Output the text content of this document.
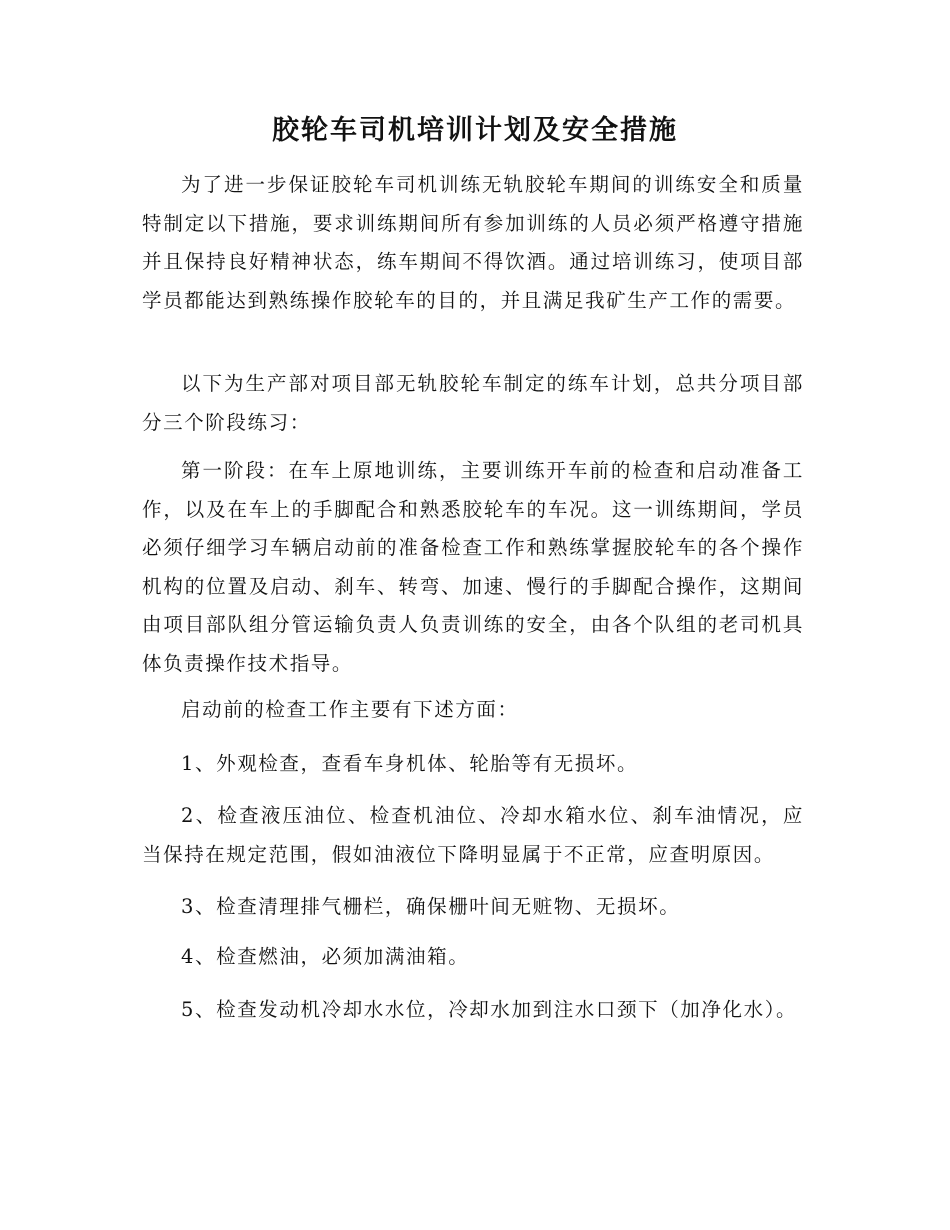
胶轮车司机培训计划及安全措施

为了进一步保证胶轮车司机训练无轨胶轮车期间的训练安全和质量特制定以下措施，要求训练期间所有参加训练的人员必须严格遵守措施并且保持良好精神状态，练车期间不得饮酒。通过培训练习，使项目部学员都能达到熟练操作胶轮车的目的，并且满足我矿生产工作的需要。

以下为生产部对项目部无轨胶轮车制定的练车计划，总共分项目部分三个阶段练习：

第一阶段：在车上原地训练，主要训练开车前的检查和启动准备工作，以及在车上的手脚配合和熟悉胶轮车的车况。这一训练期间，学员必须仔细学习车辆启动前的准备检查工作和熟练掌握胶轮车的各个操作机构的位置及启动、刹车、转弯、加速、慢行的手脚配合操作，这期间由项目部队组分管运输负责人负责训练的安全，由各个队组的老司机具体负责操作技术指导。

启动前的检查工作主要有下述方面：

1、外观检查，查看车身机体、轮胎等有无损坏。

2、检查液压油位、检查机油位、冷却水箱水位、刹车油情况，应当保持在规定范围，假如油液位下降明显属于不正常，应查明原因。

3、检查清理排气栅栏，确保栅叶间无赃物、无损坏。

4、检查燃油，必须加满油箱。

5、检查发动机冷却水水位，冷却水加到注水口颈下（加净化水）。
